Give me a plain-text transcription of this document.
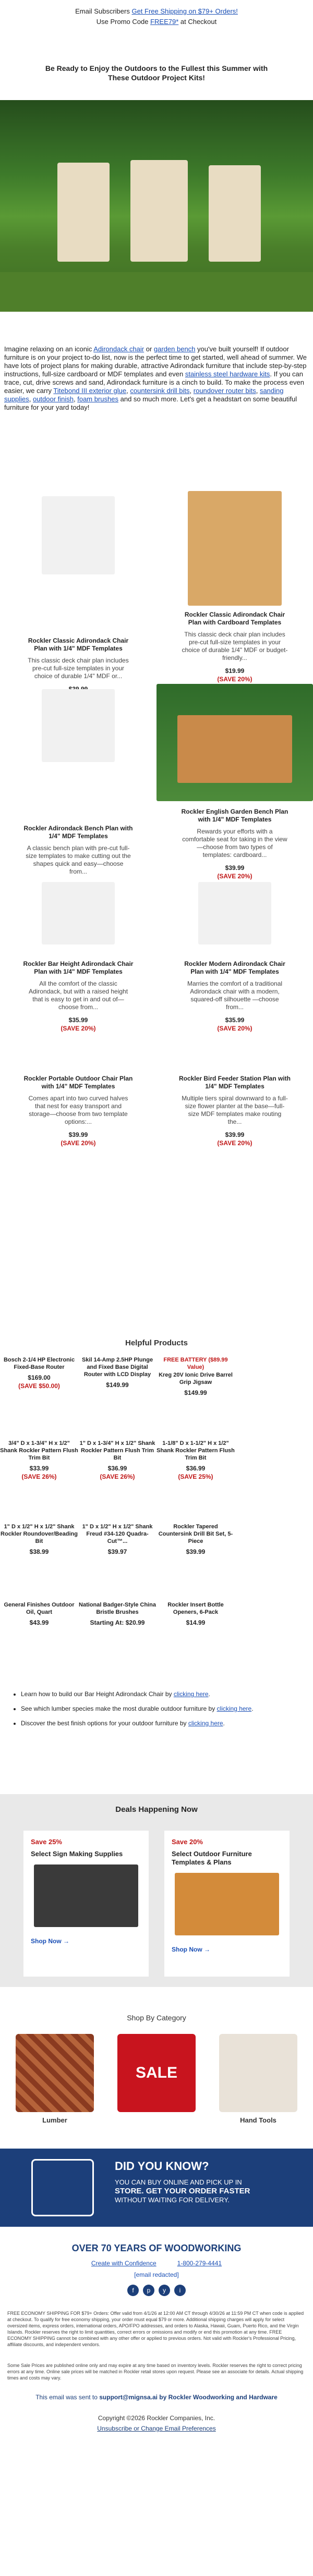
Email Subscribers Get Free Shipping on $79+ Orders!
Use Promo Code FREE79* at Checkout
Be Ready to Enjoy the Outdoors to the Fullest this Summer with
These Outdoor Project Kits!
Imagine relaxing on an iconic Adirondack chair or garden bench you've built yourself! If outdoor furniture is on your project to-do list, now is the perfect time to get started, well ahead of summer. We have lots of project plans for making durable, attractive Adirondack furniture that include step-by-step instructions, full-size cardboard or MDF templates and even stainless steel hardware kits. If you can trace, cut, drive screws and sand, Adirondack furniture is a cinch to build. To make the process even easier, we carry Titebond III exterior glue, countersink drill bits, roundover router bits, sanding supplies, outdoor finish, foam brushes and so much more. Let's get a headstart on some beautiful furniture for your yard today!
Rockler Classic Adirondack Chair Plan with 1/4" MDF Templates
This classic deck chair plan includes pre-cut full-size templates in your choice of durable 1/4" MDF or...
Rockler Classic Adirondack Chair Plan with Cardboard Templates
This classic deck chair plan includes pre-cut full-size templates in your choice of durable 1/4" MDF or budget-friendly...
$19.99
(SAVE 20%)
Rockler Adirondack Bench Plan with 1/4" MDF Templates
A classic bench plan with pre-cut full-size templates to make cutting out the shapes quick and easy—choose from...
Rockler English Garden Bench Plan with 1/4" MDF Templates
Rewards your efforts with a comfortable seat for taking in the view—choose from two types of templates: cardboard...
$39.99
(SAVE 20%)
Rockler Bar Height Adirondack Chair Plan with 1/4" MDF Templates
All the comfort of the classic Adirondack, but with a raised height that is easy to get in and out of—choose from...
$35.99
(SAVE 20%)
Rockler Modern Adirondack Chair Plan with 1/4" MDF Templates
Marries the comfort of a traditional Adirondack chair with a modern, squared-off silhouette —choose from...
$35.99
(SAVE 20%)
Rockler Portable Outdoor Chair Plan with 1/4" MDF Templates
Comes apart into two curved halves that nest for easy transport and storage—choose from two template options:...
$39.99
(SAVE 20%)
Rockler Bird Feeder Station Plan with 1/4" MDF Templates
Multiple tiers spiral downward to a full-size flower planter at the base—full-size MDF templates make routing the...
$39.99
(SAVE 20%)
Helpful Products
Bosch 2-1/4 HP Electronic Fixed-Base Router
$169.00
(SAVE $50.00)
Skil 14-Amp 2.5HP Plunge and Fixed Base Digital Router with LCD Display
$149.99
FREE BATTERY ($89.99 Value)
Kreg 20V Ionic Drive Barrel Grip Jigsaw
$149.99
3/4" D x 1-3/4" H x 1/2" Shank Rockler Pattern Flush Trim Bit
$33.99
(SAVE 26%)
1" D x 1-3/4" H x 1/2" Shank Rockler Pattern Flush Trim Bit
$36.99
(SAVE 26%)
1-1/8" D x 1-1/2" H x 1/2" Shank Rockler Pattern Flush Trim Bit
$36.99
(SAVE 25%)
1" D x 1/2" H x 1/2" Shank Rockler Roundover/Beading Bit
$38.99
1" D x 1/2" H x 1/2" Shank Freud #34-120 Quadra-Cut™...
$39.97
Rockler Tapered Countersink Drill Bit Set, 5-Piece
$39.99
General Finishes Outdoor Oil, Quart
$43.99
National Badger-Style China Bristle Brushes
Starting At: $20.99
Rockler Insert Bottle Openers, 6-Pack
$14.99
• Learn how to build our Bar Height Adirondack Chair by clicking here.
• See which lumber species make the most durable outdoor furniture by clicking here.
• Discover the best finish options for your outdoor furniture by clicking here.
Deals Happening Now
Save 25%
Select Sign Making Supplies
Shop Now →
Save 20%
Select Outdoor Furniture Templates & Plans
Shop Now →
Shop By Category
SALE
Lumber	Hand Tools
DID YOU KNOW?
YOU CAN BUY ONLINE AND PICK UP IN
STORE. GET YOUR ORDER FASTER
WITHOUT WAITING FOR DELIVERY.
OVER 70 YEARS OF WOODWORKING
Create with Confidence	1-800-279-4441
[email redacted]
f	p	y	i
FREE ECONOMY SHIPPING FOR $79+ Orders: Offer valid from 4/1/26 at 12:00 AM CT through 4/30/26 at 11:59 PM CT when code is applied at checkout. To qualify for free economy shipping, your order must equal $79 or more. Additional shipping charges will apply for select oversized items, express orders, international orders, APO/FPO addresses, and orders to Alaska, Hawaii, Guam, Puerto Rico, and the Virgin Islands. Rockler reserves the right to limit quantities, correct errors or omissions and modify or end this promotion at any time. FREE ECONOMY SHIPPING cannot be combined with any other offer or applied to previous orders. Not valid with Rockler's Professional Pricing, affiliate discounts, and independent vendors.
Some Sale Prices are published online only and may expire at any time based on inventory levels. Rockler reserves the right to correct pricing errors at any time. Online sale prices will be matched in Rockler retail stores upon request. Please see an associate for details. Actual shipping times and costs may vary.
This email was sent to support@mignsa.ai by Rockler Woodworking and Hardware
Copyright ©2026 Rockler Companies, Inc.
Unsubscribe or Change Email Preferences
